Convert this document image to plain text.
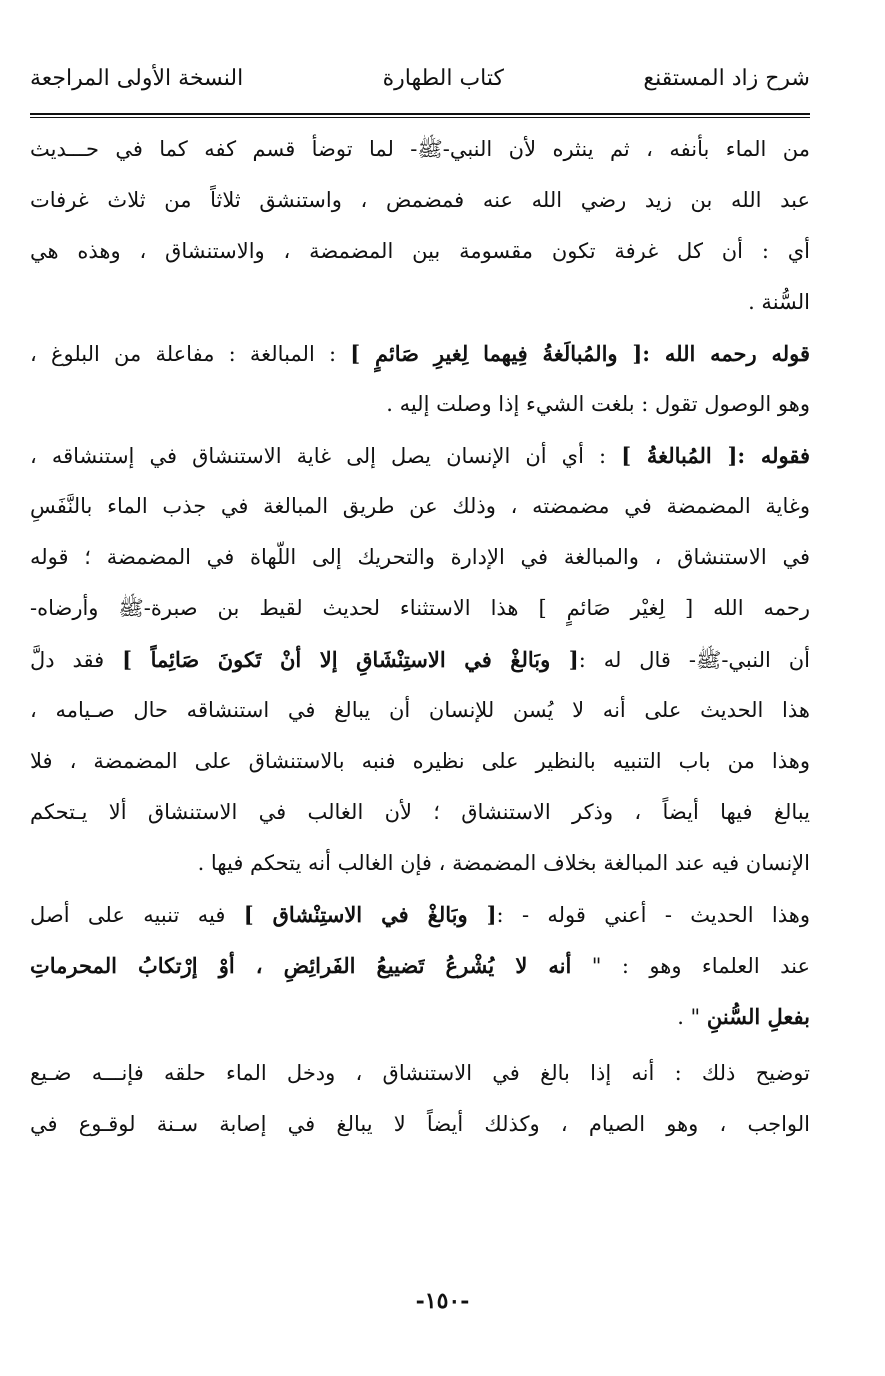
شرح زاد المستقنع
كتاب الطهارة
النسخة الأولى المراجعة
من الماء بأنفه ، ثم ينثره لأن النبي-ﷺ- لما توضأ قسم كفه كما في حـــديث
عبد الله بن زيد رضي الله عنه فمضمض ، واستنشق ثلاثاً من ثلاث غرفات
أي : أن كل غرفة تكون مقسومة بين المضمضة ، والاستنشاق ، وهذه هي
السُّنة .
قوله رحمه الله :[ والمُبالَغةُ فِيهما لِغيرِ صَائمٍ ] : المبالغة : مفاعلة من البلوغ ،
وهو الوصول تقول : بلغت الشيء إذا وصلت إليه .
فقوله :[ المُبالغةُ ] : أي أن الإنسان يصل إلى غاية الاستنشاق في إستنشاقه ،
وغاية المضمضة في مضمضته ، وذلك عن طريق المبالغة في جذب الماء بالنَّفَسِ
في الاستنشاق ، والمبالغة في الإدارة والتحريك إلى اللّهاة في المضمضة ؛ قوله
رحمه الله [ لِغيْر صَائمٍ ] هذا الاستثناء لحديث لقيط بن صبرة-ﷺ وأرضاه-
أن النبي-ﷺ- قال له :[ وبَالغْ في الاستِنْشَاقِ إلا أنْ تَكونَ صَائِماً ] فقد دلَّ
هذا الحديث على أنه لا يُسن للإنسان أن يبالغ في استنشاقه حال صـيامه ،
وهذا من باب التنبيه بالنظير على نظيره فنبه بالاستنشاق على المضمضة ، فلا
يبالغ فيها أيضاً ، وذكر الاستنشاق ؛ لأن الغالب في الاستنشاق ألا يـتحكم
الإنسان فيه عند المبالغة بخلاف المضمضة ، فإن الغالب أنه يتحكم فيها .
وهذا الحديث - أعني قوله - :[ وبَالغْ في الاستِنْشاق ] فيه تنبيه على أصل
عند العلماء وهو : " أنه لا يُشْرعُ تَضييعُ الفَرائِضِ ، أوْ إرْتكابُ المحرماتِ
بفعلِ السُّننِ " .
توضيح ذلك : أنه إذا بالغ في الاستنشاق ، ودخل الماء حلقه فإنـــه ضـيع
الواجب ، وهو الصيام ، وكذلك أيضاً لا يبالغ في إصابة سـنة لوقـوع في
-١٥٠-
